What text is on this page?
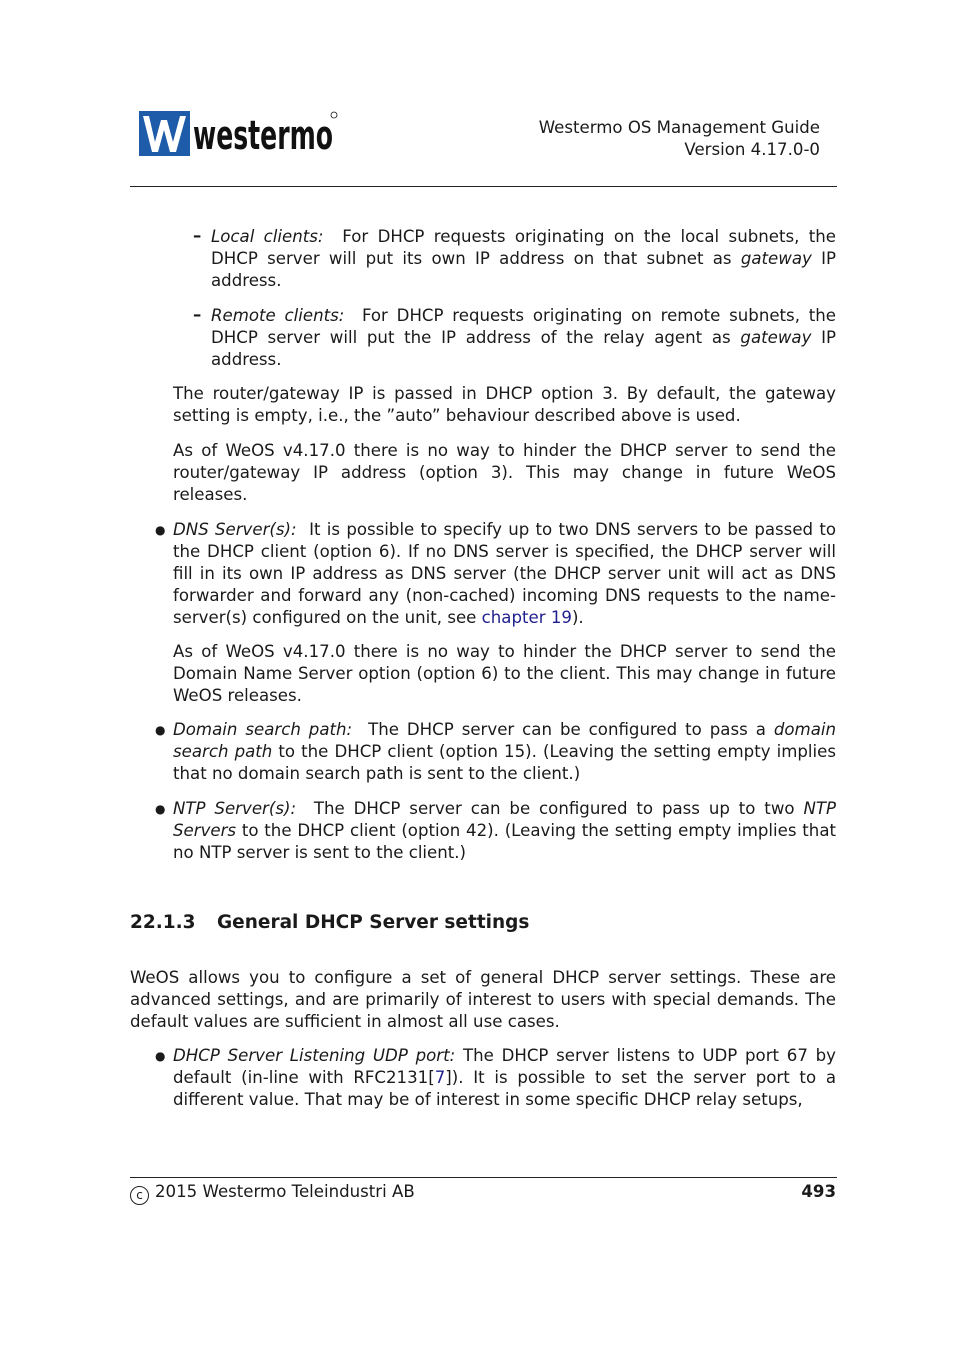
westermo	Westermo OS Management Guide
Version 4.17.0-0
– Local clients: For DHCP requests originating on the local subnets, the DHCP server will put its own IP address on that subnet as gateway IP address.
– Remote clients: For DHCP requests originating on remote subnets, the DHCP server will put the IP address of the relay agent as gateway IP address.
The router/gateway IP is passed in DHCP option 3. By default, the gateway setting is empty, i.e., the ”auto” behaviour described above is used.
As of WeOS v4.17.0 there is no way to hinder the DHCP server to send the router/gateway IP address (option 3). This may change in future WeOS releases.
● DNS Server(s): It is possible to specify up to two DNS servers to be passed to the DHCP client (option 6). If no DNS server is specified, the DHCP server will fill in its own IP address as DNS server (the DHCP server unit will act as DNS forwarder and forward any (non-cached) incoming DNS requests to the name-server(s) configured on the unit, see chapter 19).
As of WeOS v4.17.0 there is no way to hinder the DHCP server to send the Domain Name Server option (option 6) to the client. This may change in future WeOS releases.
● Domain search path: The DHCP server can be configured to pass a domain search path to the DHCP client (option 15). (Leaving the setting empty implies that no domain search path is sent to the client.)
● NTP Server(s): The DHCP server can be configured to pass up to two NTP Servers to the DHCP client (option 42). (Leaving the setting empty implies that no NTP server is sent to the client.)
22.1.3 General DHCP Server settings
WeOS allows you to configure a set of general DHCP server settings. These are advanced settings, and are primarily of interest to users with special demands. The default values are sufficient in almost all use cases.
● DHCP Server Listening UDP port: The DHCP server listens to UDP port 67 by default (in-line with RFC2131[7]). It is possible to set the server port to a different value. That may be of interest in some specific DHCP relay setups,
c 2015 Westermo Teleindustri AB	493
